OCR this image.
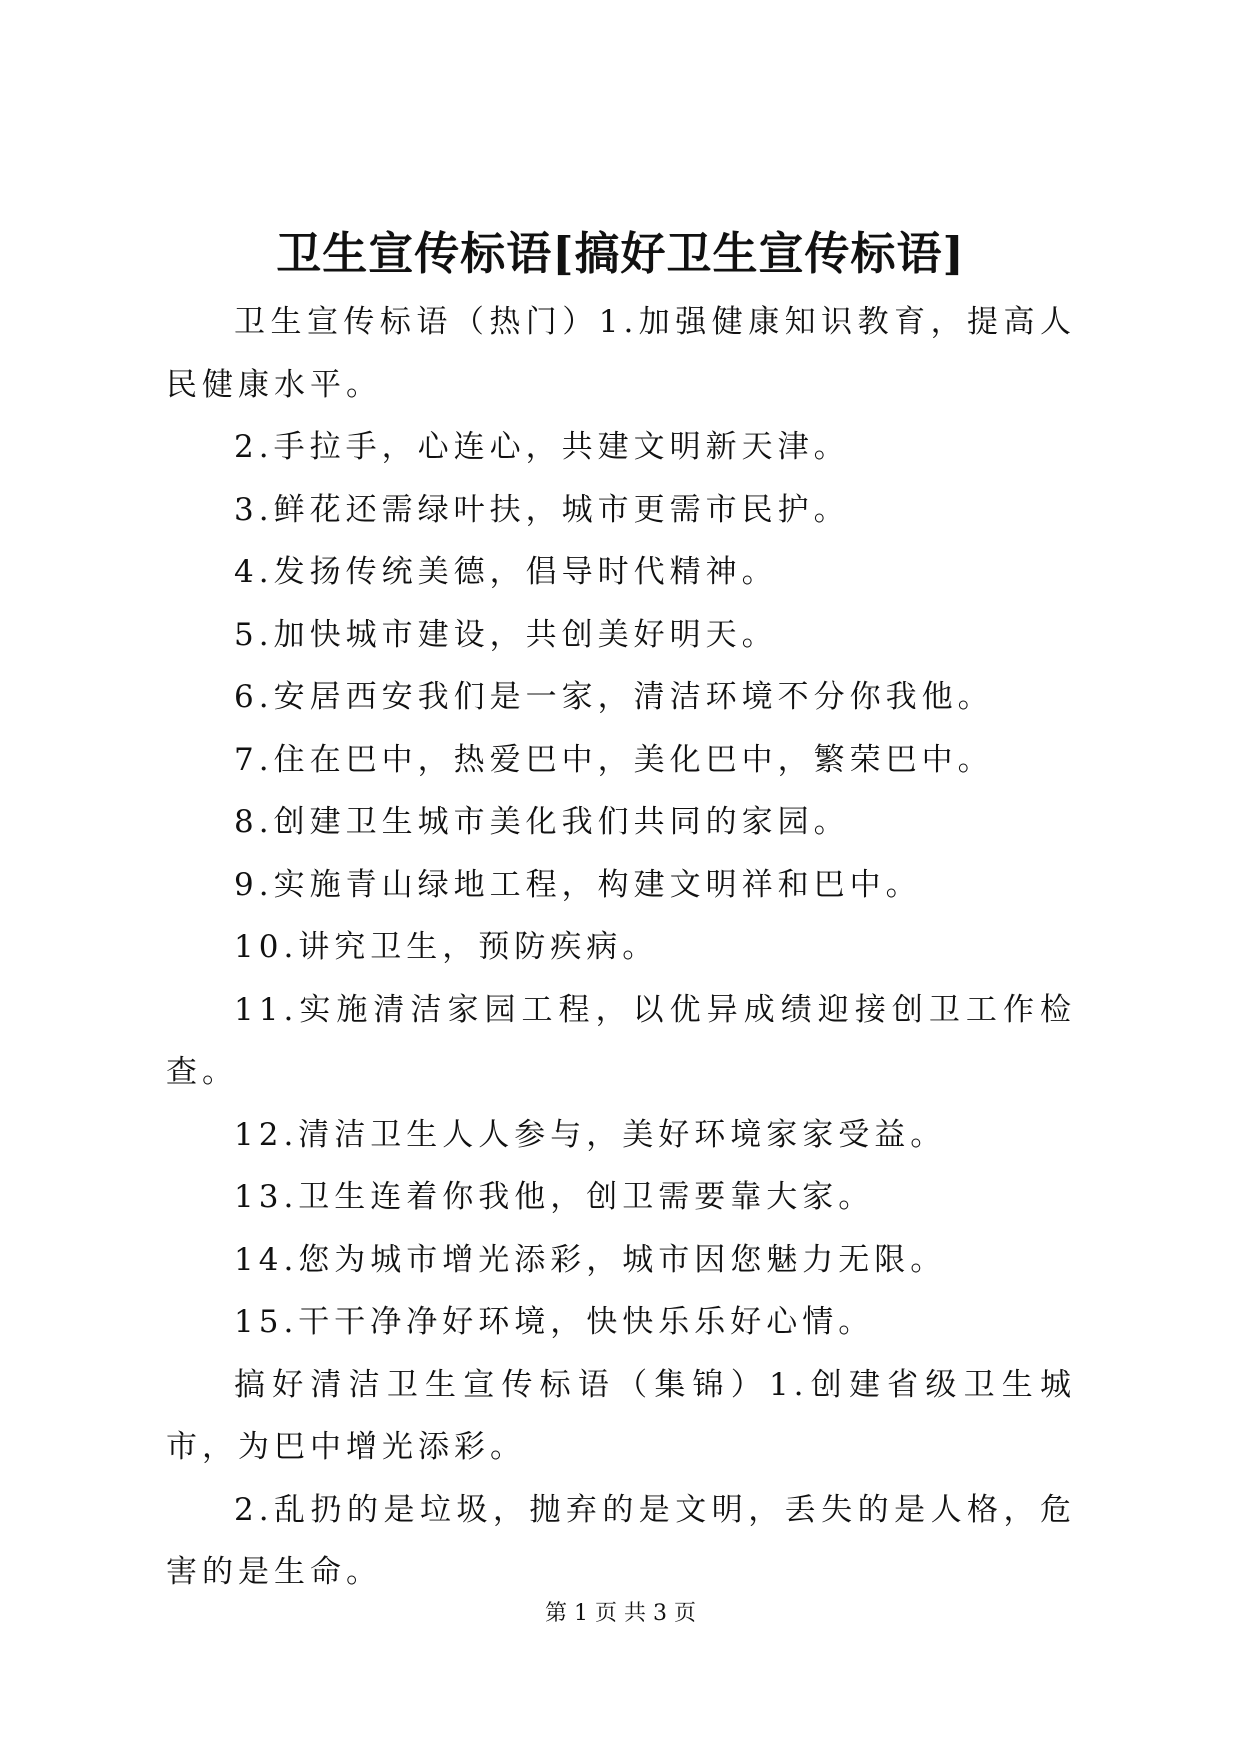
卫生宣传标语[搞好卫生宣传标语]

卫生宣传标语（热门）1.加强健康知识教育，提高人民健康水平。

2.手拉手，心连心，共建文明新天津。

3.鲜花还需绿叶扶，城市更需市民护。

4.发扬传统美德，倡导时代精神。

5.加快城市建设，共创美好明天。

6.安居西安我们是一家，清洁环境不分你我他。

7.住在巴中，热爱巴中，美化巴中，繁荣巴中。

8.创建卫生城市美化我们共同的家园。

9.实施青山绿地工程，构建文明祥和巴中。

10.讲究卫生，预防疾病。

11.实施清洁家园工程，以优异成绩迎接创卫工作检查。

12.清洁卫生人人参与，美好环境家家受益。

13.卫生连着你我他，创卫需要靠大家。

14.您为城市增光添彩，城市因您魅力无限。

15.干干净净好环境，快快乐乐好心情。

搞好清洁卫生宣传标语（集锦）1.创建省级卫生城市，为巴中增光添彩。

2.乱扔的是垃圾，抛弃的是文明，丢失的是人格，危害的是生命。

第 1 页 共 3 页
